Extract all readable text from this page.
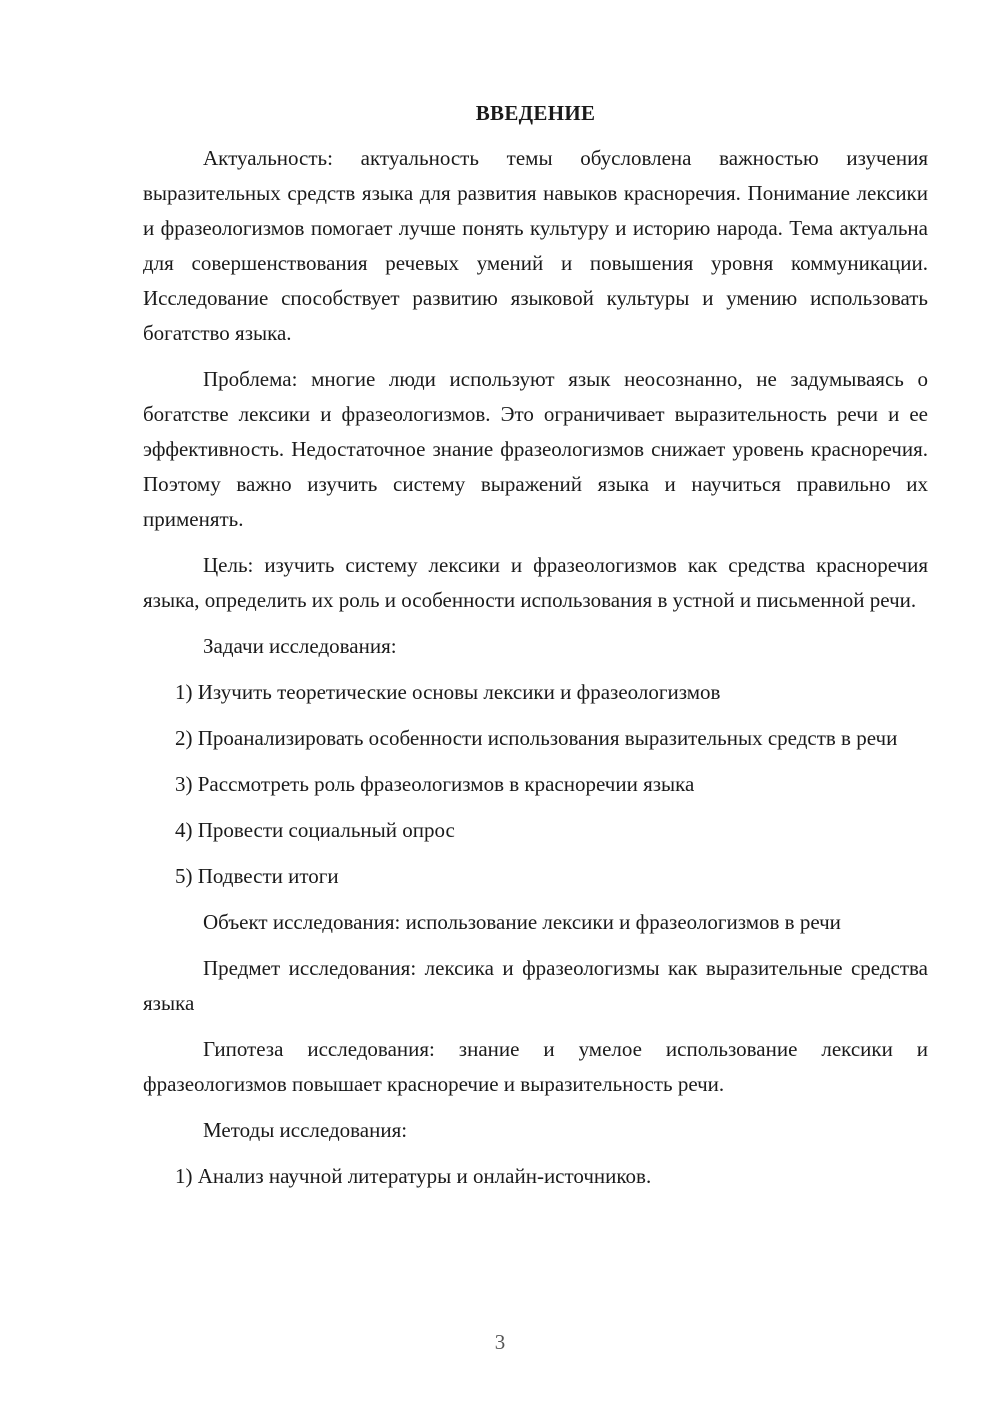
ВВЕДЕНИЕ

Актуальность: актуальность темы обусловлена важностью изучения выразительных средств языка для развития навыков красноречия. Понимание лексики и фразеологизмов помогает лучше понять культуру и историю народа. Тема актуальна для совершенствования речевых умений и повышения уровня коммуникации. Исследование способствует развитию языковой культуры и умению использовать богатство языка.

Проблема: многие люди используют язык неосознанно, не задумываясь о богатстве лексики и фразеологизмов. Это ограничивает выразительность речи и ее эффективность. Недостаточное знание фразеологизмов снижает уровень красноречия. Поэтому важно изучить систему выражений языка и научиться правильно их применять.

Цель: изучить систему лексики и фразеологизмов как средства красноречия языка, определить их роль и особенности использования в устной и письменной речи.

Задачи исследования:

1) Изучить теоретические основы лексики и фразеологизмов

2) Проанализировать особенности использования выразительных средств в речи

3) Рассмотреть роль фразеологизмов в красноречии языка

4) Провести социальный опрос

5) Подвести итоги

Объект исследования: использование лексики и фразеологизмов в речи

Предмет исследования: лексика и фразеологизмы как выразительные средства языка

Гипотеза исследования: знание и умелое использование лексики и фразеологизмов повышает красноречие и выразительность речи.

Методы исследования:

1) Анализ научной литературы и онлайн-источников.

3
